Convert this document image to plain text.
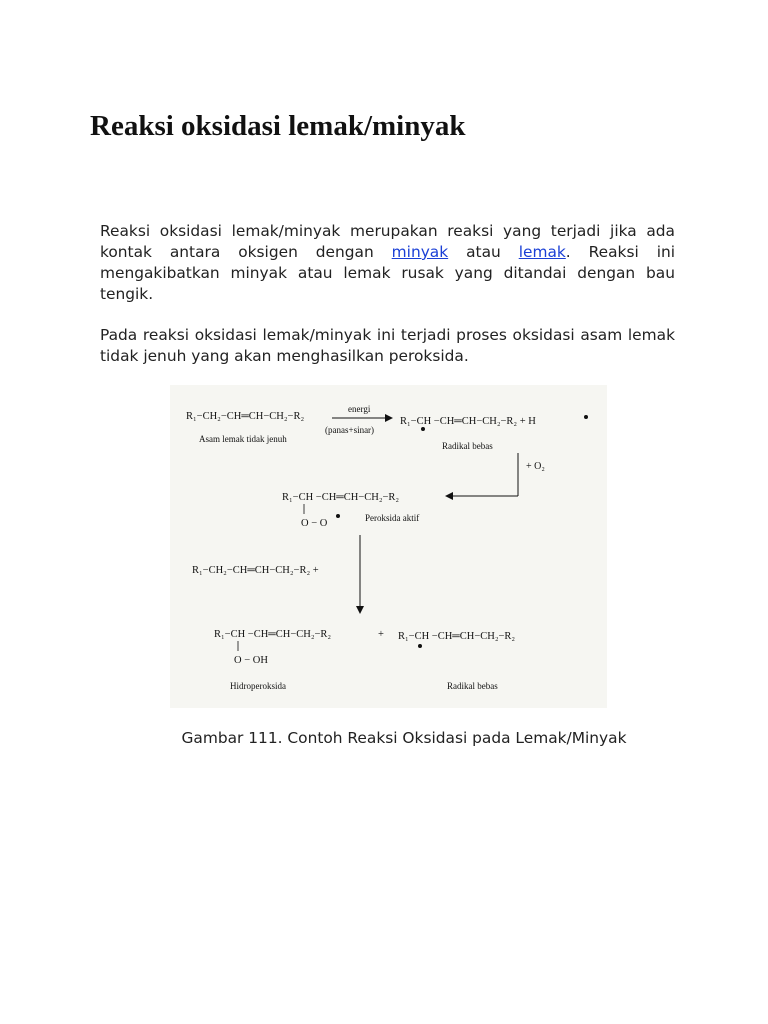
Reaksi oksidasi lemak/minyak

Reaksi oksidasi lemak/minyak merupakan reaksi yang terjadi jika ada kontak antara oksigen dengan minyak atau lemak. Reaksi ini mengakibatkan minyak atau lemak rusak yang ditandai dengan bau tengik.

Pada reaksi oksidasi lemak/minyak ini terjadi proses oksidasi asam lemak tidak jenuh yang akan menghasilkan peroksida.

R₁−CH₂−CH═CH−CH₂−R₂
energi
(panas+sinar)
R₁−CH −CH═CH−CH₂−R₂ + H
Asam lemak tidak jenuh
Radikal bebas
+ O₂
R₁−CH −CH═CH−CH₂−R₂
O − O	Peroksida aktif
R₁−CH₂−CH═CH−CH₂−R₂ +
R₁−CH −CH═CH−CH₂−R₂	+ R₁−CH −CH═CH−CH₂−R₂
O − OH
Hidroperoksida	Radikal bebas

Gambar 111. Contoh Reaksi Oksidasi pada Lemak/Minyak
